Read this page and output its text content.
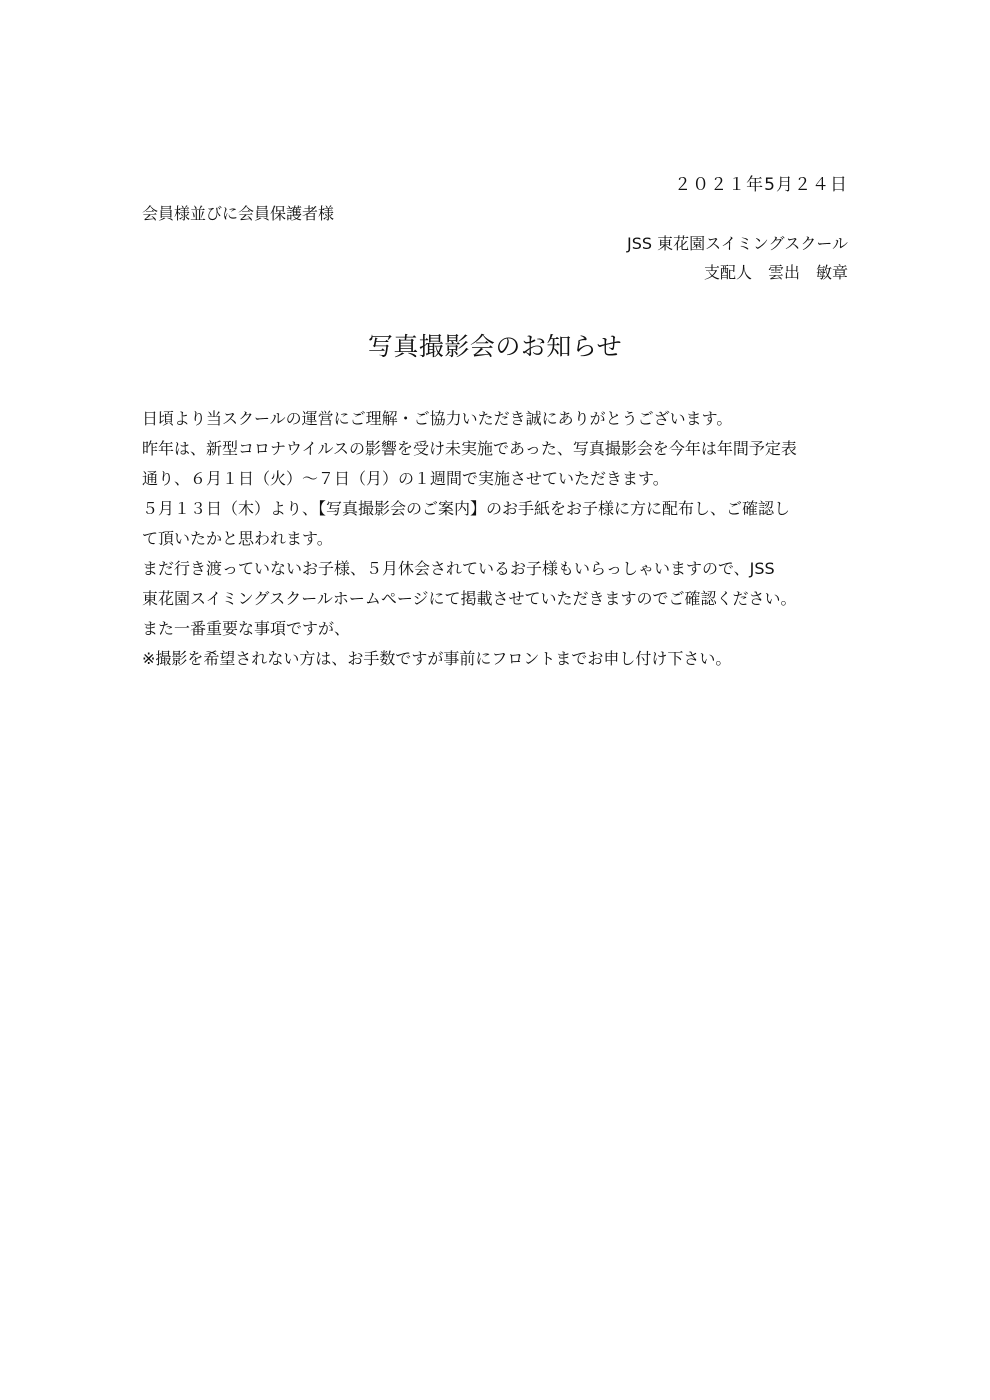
２０２１年5月２４日
会員様並びに会員保護者様
JSS 東花園スイミングスクール
支配人　雲出　敏章
写真撮影会のお知らせ
日頃より当スクールの運営にご理解・ご協力いただき誠にありがとうございます。
昨年は、新型コロナウイルスの影響を受け未実施であった、写真撮影会を今年は年間予定表
通り、６月１日（火）～７日（月）の１週間で実施させていただきます。
５月１３日（木）より、【写真撮影会のご案内】のお手紙をお子様に方に配布し、ご確認し
て頂いたかと思われます。
まだ行き渡っていないお子様、５月休会されているお子様もいらっしゃいますので、JSS
東花園スイミングスクールホームページにて掲載させていただきますのでご確認ください。
また一番重要な事項ですが、
※撮影を希望されない方は、お手数ですが事前にフロントまでお申し付け下さい。
